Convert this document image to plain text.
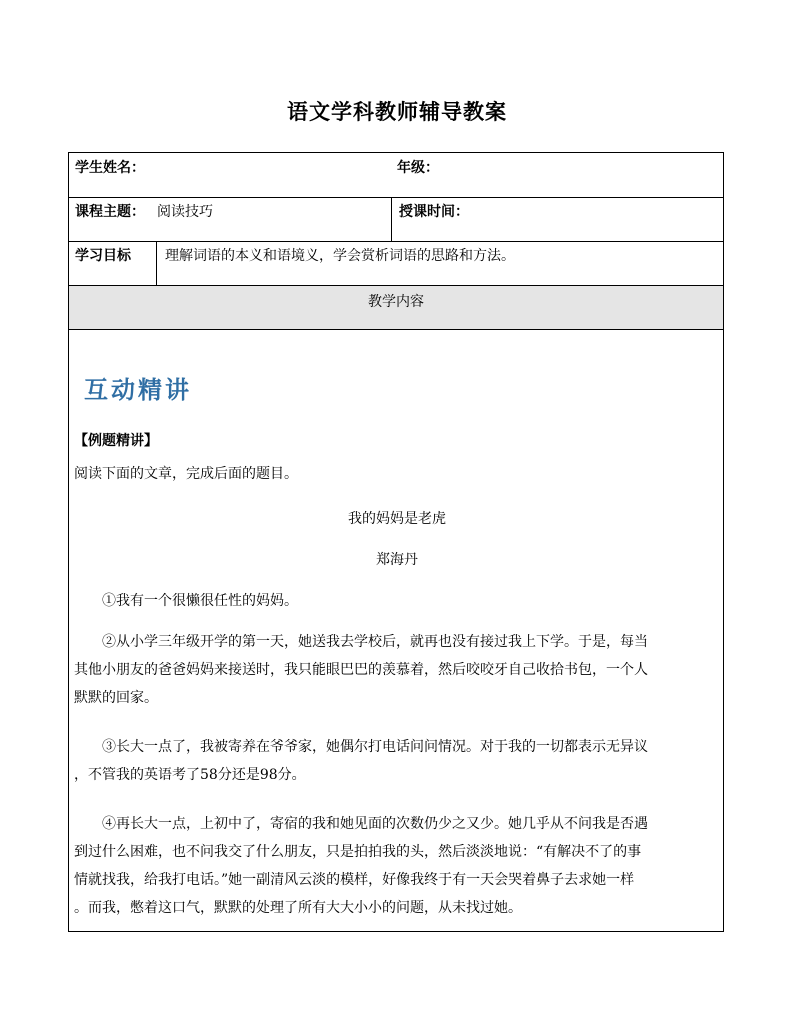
语文学科教师辅导教案
学生姓名：	年级：
课程主题： 阅读技巧	授课时间：
学习目标 理解词语的本义和语境义，学会赏析词语的思路和方法。
教学内容
互动精讲
【例题精讲】
阅读下面的文章，完成后面的题目。
我的妈妈是老虎
郑海丹
①我有一个很懒很任性的妈妈。
②从小学三年级开学的第一天，她送我去学校后，就再也没有接过我上下学。于是，每当
其他小朋友的爸爸妈妈来接送时，我只能眼巴巴的羡慕着，然后咬咬牙自己收拾书包，一个人
默默的回家。
③长大一点了，我被寄养在爷爷家，她偶尔打电话问问情况。对于我的一切都表示无异议
，不管我的英语考了58分还是98分。
④再长大一点，上初中了，寄宿的我和她见面的次数仍少之又少。她几乎从不问我是否遇
到过什么困难，也不问我交了什么朋友，只是拍拍我的头，然后淡淡地说：“有解决不了的事
情就找我，给我打电话。”她一副清风云淡的模样，好像我终于有一天会哭着鼻子去求她一样
。而我，憋着这口气，默默的处理了所有大大小小的问题，从未找过她。
